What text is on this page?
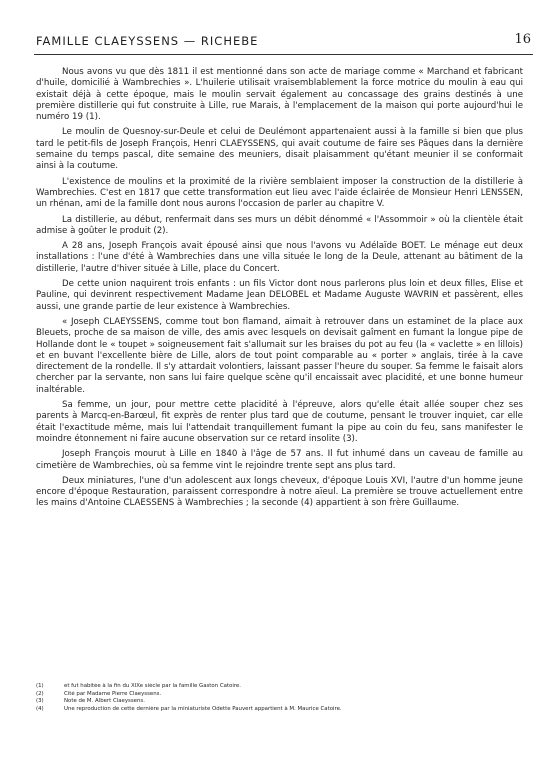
FAMILLE CLAEYSSENS — RICHEBE	16

Nous avons vu que dès 1811 il est mentionné dans son acte de mariage comme « Marchand et fabricant d'huile, domicilié à Wambrechies ». L'huilerie utilisait vraisemblablement la force motrice du moulin à eau qui existait déjà à cette époque, mais le moulin servait également au concassage des grains destinés à une première distillerie qui fut construite à Lille, rue Marais, à l'emplacement de la maison qui porte aujourd'hui le numéro 19 (1).

Le moulin de Quesnoy-sur-Deule et celui de Deulémont appartenaient aussi à la famille si bien que plus tard le petit-fils de Joseph François, Henri CLAEYSSENS, qui avait coutume de faire ses Pâques dans la dernière semaine du temps pascal, dite semaine des meuniers, disait plaisamment qu'étant meunier il se conformait ainsi à la coutume.

L'existence de moulins et la proximité de la rivière semblaient imposer la construction de la distillerie à Wambrechies. C'est en 1817 que cette transformation eut lieu avec l'aide éclairée de Monsieur Henri LENSSEN, un rhénan, ami de la famille dont nous aurons l'occasion de parler au chapitre V.

La distillerie, au début, renfermait dans ses murs un débit dénommé « l'Assommoir » où la clientèle était admise à goûter le produit (2).

A 28 ans, Joseph François avait épousé ainsi que nous l'avons vu Adélaïde BOET. Le ménage eut deux installations : l'une d'été à Wambrechies dans une villa située le long de la Deule, attenant au bâtiment de la distillerie, l'autre d'hiver située à Lille, place du Concert.

De cette union naquirent trois enfants : un fils Victor dont nous parlerons plus loin et deux filles, Elise et Pauline, qui devinrent respectivement Madame Jean DELOBEL et Madame Auguste WAVRIN et passèrent, elles aussi, une grande partie de leur existence à Wambrechies.

« Joseph CLAEYSSENS, comme tout bon flamand, aimait à retrouver dans un estaminet de la place aux Bleuets, proche de sa maison de ville, des amis avec lesquels on devisait gaîment en fumant la longue pipe de Hollande dont le « toupet » soigneusement fait s'allumait sur les braises du pot au feu (la « vaclette » en lillois) et en buvant l'excellente bière de Lille, alors de tout point comparable au « porter » anglais, tirée à la cave directement de la rondelle. Il s'y attardait volontiers, laissant passer l'heure du souper. Sa femme le faisait alors chercher par la servante, non sans lui faire quelque scène qu'il encaissait avec placidité, et une bonne humeur inaltérable.

Sa femme, un jour, pour mettre cette placidité à l'épreuve, alors qu'elle était allée souper chez ses parents à Marcq-en-Barœul, fit exprès de renter plus tard que de coutume, pensant le trouver inquiet, car elle était l'exactitude même, mais lui l'attendait tranquillement fumant la pipe au coin du feu, sans manifester le moindre étonnement ni faire aucune observation sur ce retard insolite (3).

Joseph François mourut à Lille en 1840 à l'âge de 57 ans. Il fut inhumé dans un caveau de famille au cimetière de Wambrechies, où sa femme vint le rejoindre trente sept ans plus tard.

Deux miniatures, l'une d'un adolescent aux longs cheveux, d'époque Louis XVI, l'autre d'un homme jeune encore d'époque Restauration, paraissent correspondre à notre aïeul. La première se trouve actuellement entre les mains d'Antoine CLAESSENS à Wambrechies ; la seconde (4) appartient à son frère Guillaume.

(1)	et fut habitée à la fin du XIXe siècle par la famille Gaston Catoire.
(2)	Cité par Madame Pierre Claeyssens.
(3)	Note de M. Albert Claeyssens.
(4)	Une reproduction de cette dernière par la miniaturiste Odette Pauvert appartient à M. Maurice Catoire.
